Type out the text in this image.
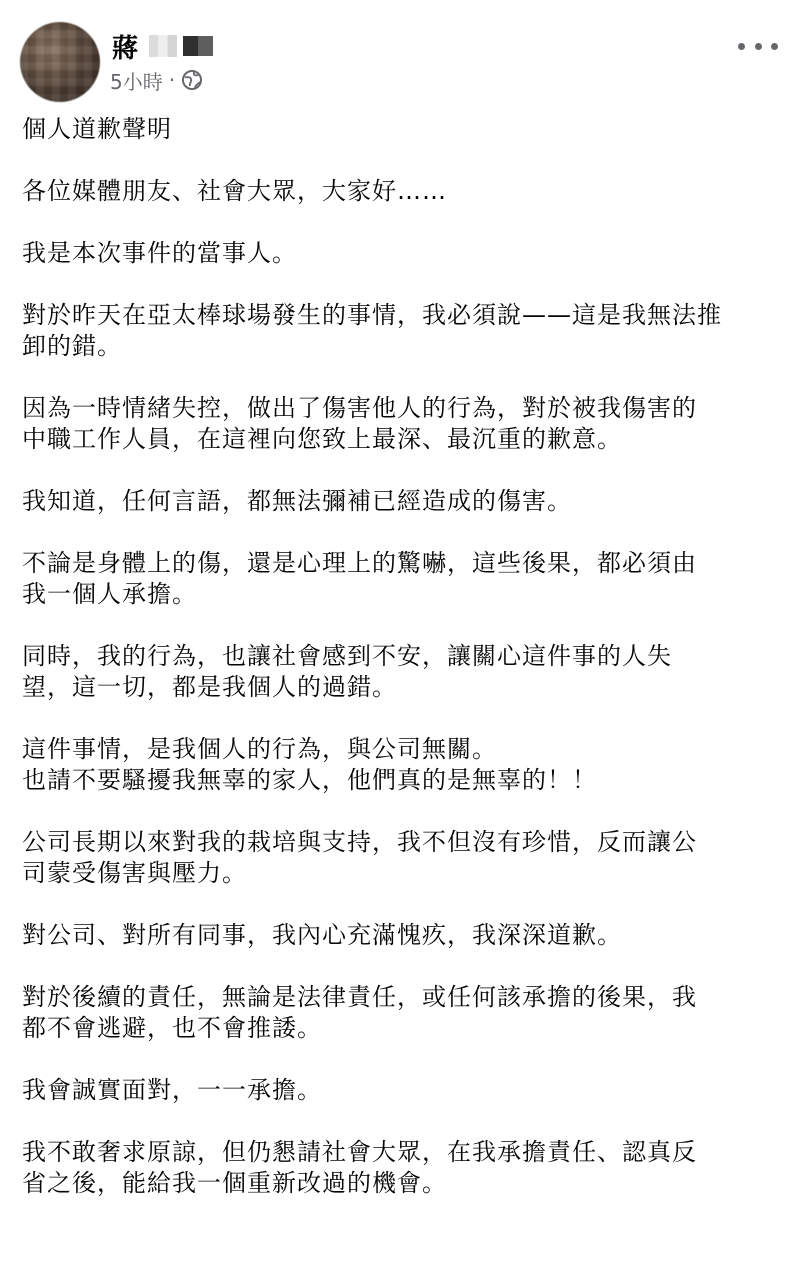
蔣
5小時 ·

個人道歉聲明

各位媒體朋友、社會大眾，大家好……

我是本次事件的當事人。

對於昨天在亞太棒球場發生的事情，我必須說——這是我無法推
卸的錯。

因為一時情緒失控，做出了傷害他人的行為，對於被我傷害的
中職工作人員，在這裡向您致上最深、最沉重的歉意。

我知道，任何言語，都無法彌補已經造成的傷害。

不論是身體上的傷，還是心理上的驚嚇，這些後果，都必須由
我一個人承擔。

同時，我的行為，也讓社會感到不安，讓關心這件事的人失
望，這一切，都是我個人的過錯。

這件事情，是我個人的行為，與公司無關。
也請不要騷擾我無辜的家人，他們真的是無辜的！！

公司長期以來對我的栽培與支持，我不但沒有珍惜，反而讓公
司蒙受傷害與壓力。

對公司、對所有同事，我內心充滿愧疚，我深深道歉。

對於後續的責任，無論是法律責任，或任何該承擔的後果，我
都不會逃避，也不會推諉。

我會誠實面對，一一承擔。

我不敢奢求原諒，但仍懇請社會大眾，在我承擔責任、認真反
省之後，能給我一個重新改過的機會。
